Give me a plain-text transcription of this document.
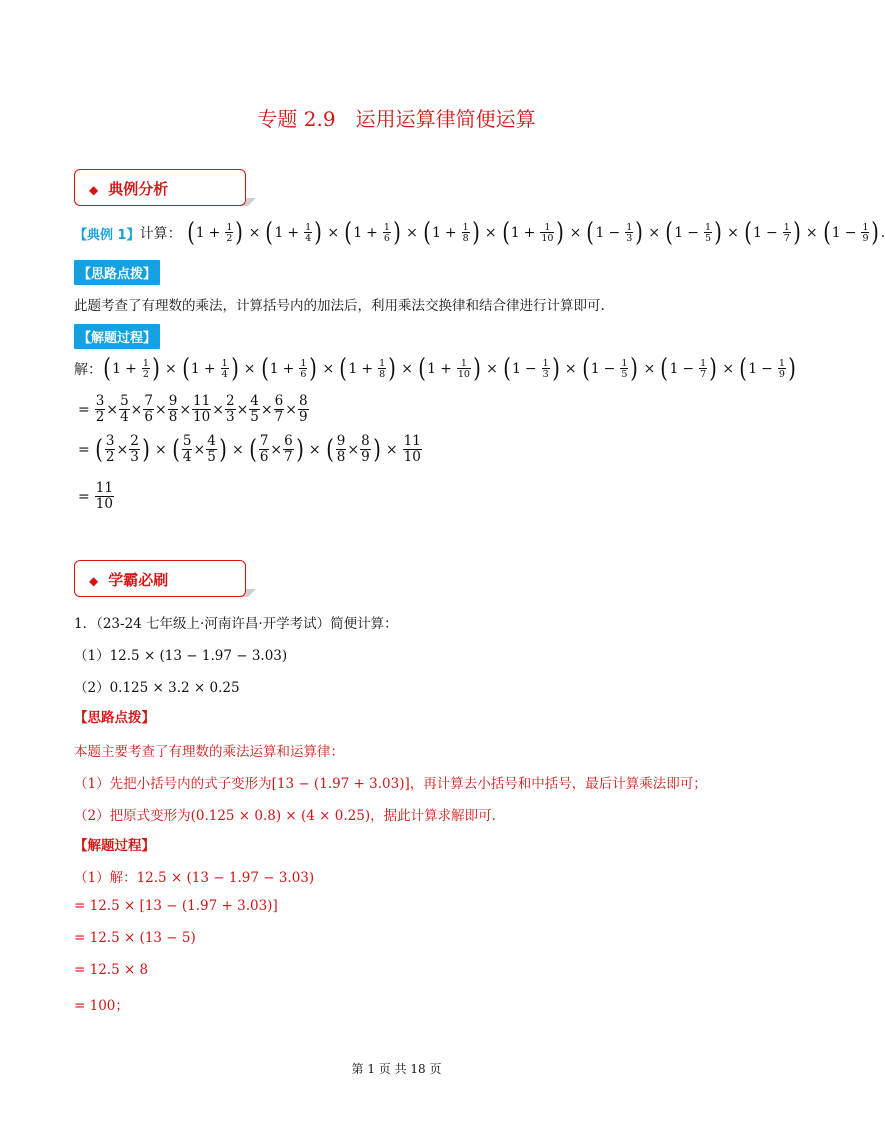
专题 2.9　运用运算律简便运算
◆ 典例分析
【典例 1】 计算： ( $1 + \frac{1}{2}$ ) × ( $1 + \frac{1}{4}$ ) × ( $1 + \frac{1}{6}$ ) × ( $1 + \frac{1}{8}$ ) × ( $1 + \frac{1}{10}$ ) × ( $1 - \frac{1}{3}$ ) × ( $1 - \frac{1}{5}$ ) × ( $1 - \frac{1}{7}$ ) × ( $1 - \frac{1}{9}$ ) .
【思路点拨】
此题考查了有理数的乘法，计算括号内的加法后，利用乘法交换律和结合律进行计算即可.
【解题过程】
解： ( $1 + \frac{1}{2}$ ) × ( $1 + \frac{1}{4}$ ) × ( $1 + \frac{1}{6}$ ) × ( $1 + \frac{1}{8}$ ) × ( $1 + \frac{1}{10}$ ) × ( $1 - \frac{1}{3}$ ) × ( $1 - \frac{1}{5}$ ) × ( $1 - \frac{1}{7}$ ) × ( $1 - \frac{1}{9}$ )
= $\frac{3}{2} \times \frac{5}{4} \times \frac{7}{6} \times \frac{9}{8} \times \frac{11}{10} \times \frac{2}{3} \times \frac{4}{5} \times \frac{6}{7} \times \frac{8}{9}$
= ( $\frac{3}{2} \times \frac{2}{3}$ ) × ( $\frac{5}{4} \times \frac{4}{5}$ ) × ( $\frac{7}{6} \times \frac{6}{7}$ ) × ( $\frac{9}{8} \times \frac{8}{9}$ ) × $\frac{11}{10}$
= $\frac{11}{10}$
◆ 学霸必刷
1．（23-24 七年级上·河南许昌·开学考试）简便计算：
（1）12.5 × (13 − 1.97 − 3.03)
（2）0.125 × 3.2 × 0.25
【思路点拨】
本题主要考查了有理数的乘法运算和运算律：
（1）先把小括号内的式子变形为[13 − (1.97 + 3.03)]，再计算去小括号和中括号，最后计算乘法即可；
（2）把原式变形为(0.125 × 0.8) × (4 × 0.25)，据此计算求解即可.
【解题过程】
（1）解：12.5 × (13 − 1.97 − 3.03)
= 12.5 × [13 − (1.97 + 3.03)]
= 12.5 × (13 − 5)
= 12.5 × 8
= 100；
第 1 页 共 18 页
